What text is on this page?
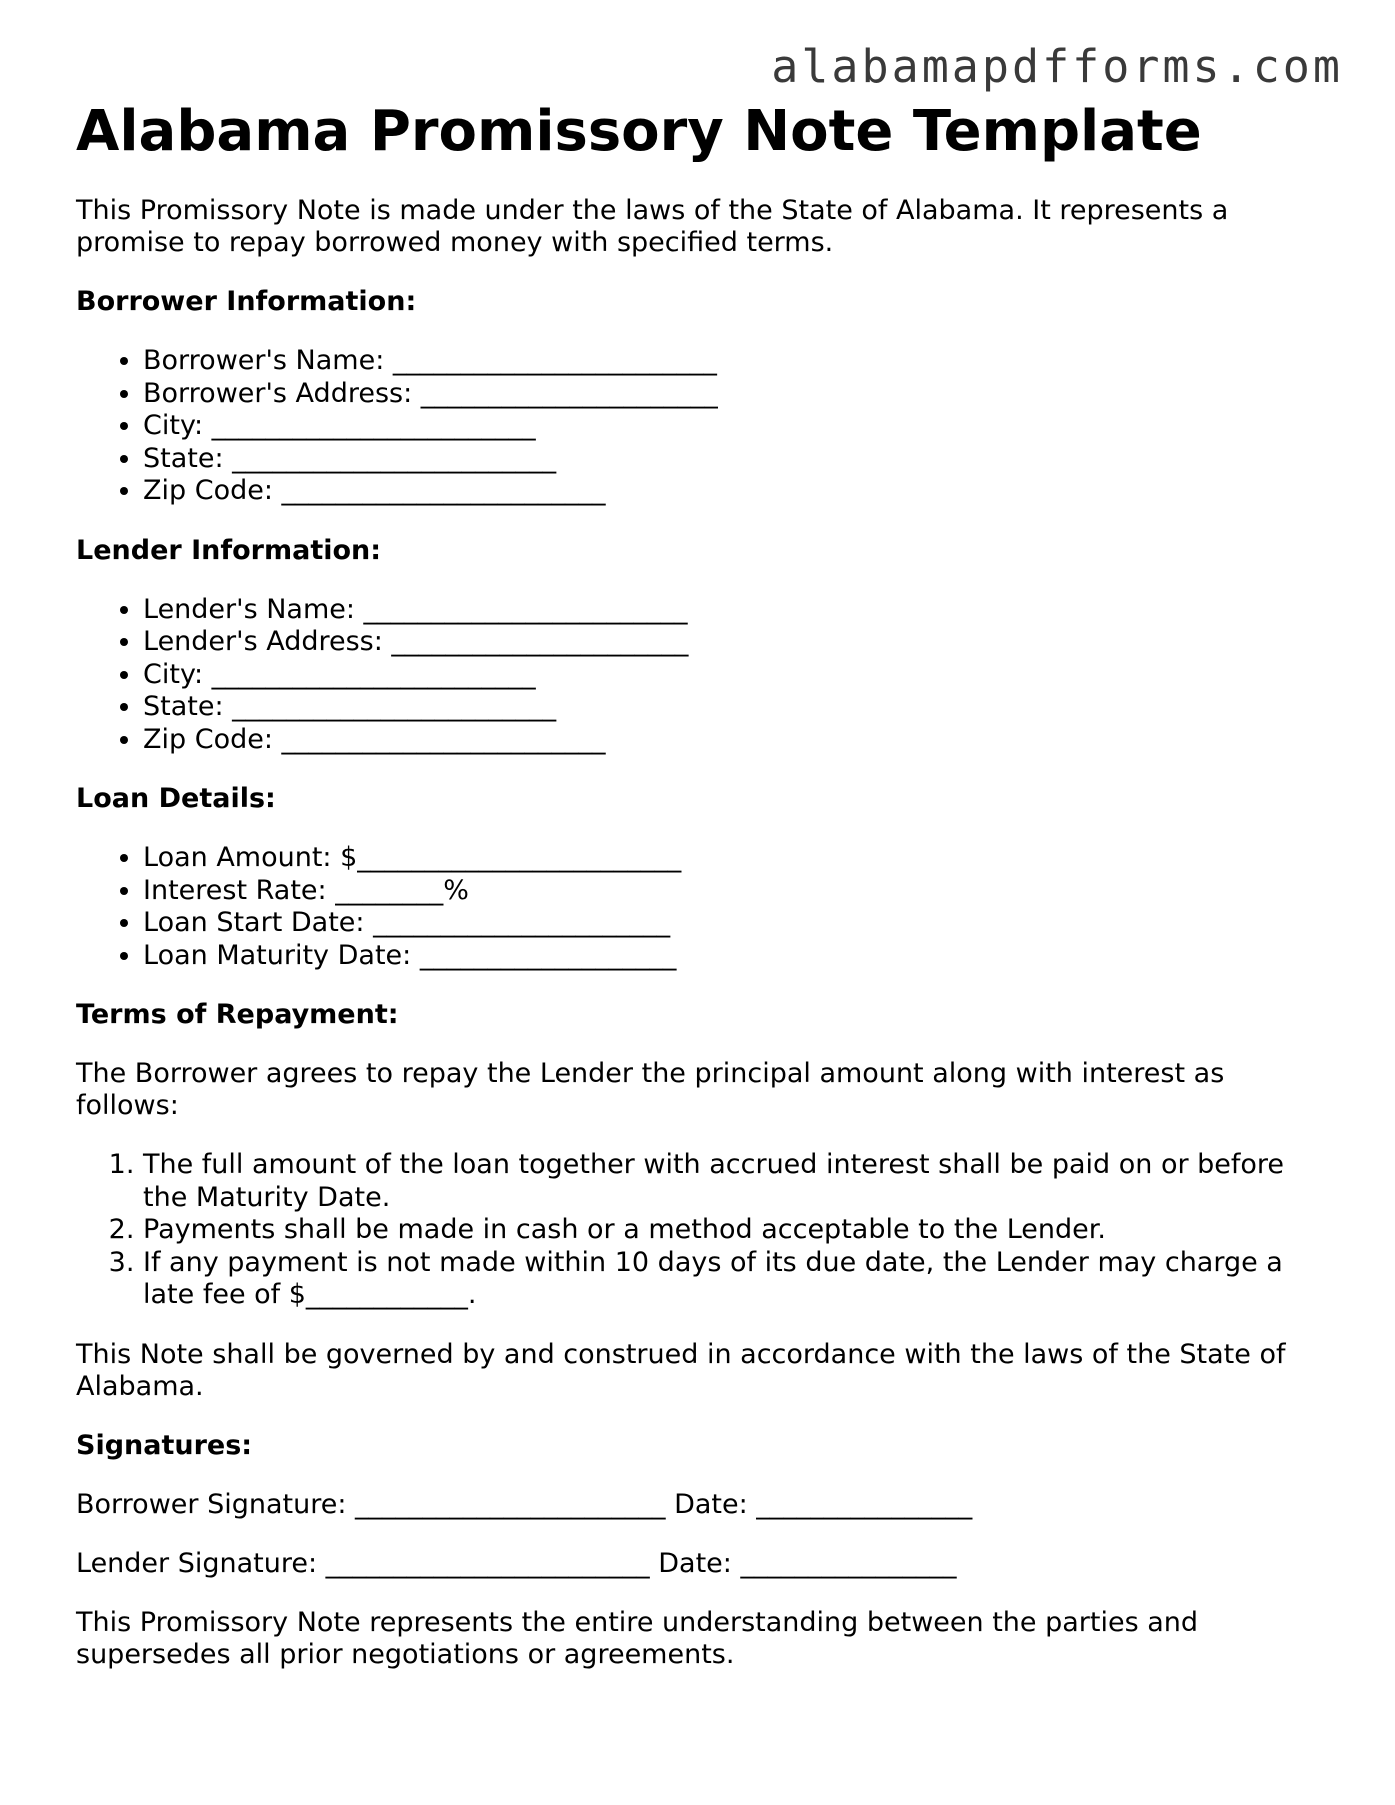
alabamapdfforms.com
Alabama Promissory Note Template

This Promissory Note is made under the laws of the State of Alabama. It represents a promise to repay borrowed money with specified terms.

Borrower Information:
• Borrower's Name: ________________________
• Borrower's Address: ______________________
• City: ________________________
• State: ________________________
• Zip Code: ________________________
Lender Information:
• Lender's Name: ________________________
• Lender's Address: ______________________
• City: ________________________
• State: ________________________
• Zip Code: ________________________
Loan Details:
• Loan Amount: $________________________
• Interest Rate: ________%
• Loan Start Date: ______________________
• Loan Maturity Date: ___________________
Terms of Repayment:

The Borrower agrees to repay the Lender the principal amount along with interest as follows:

1. The full amount of the loan together with accrued interest shall be paid on or before the Maturity Date.
2. Payments shall be made in cash or a method acceptable to the Lender.
3. If any payment is not made within 10 days of its due date, the Lender may charge a late fee of $____________.

This Note shall be governed by and construed in accordance with the laws of the State of Alabama.

Signatures:

Borrower Signature: _______________________ Date: ________________

Lender Signature: ________________________ Date: ________________

This Promissory Note represents the entire understanding between the parties and supersedes all prior negotiations or agreements.
